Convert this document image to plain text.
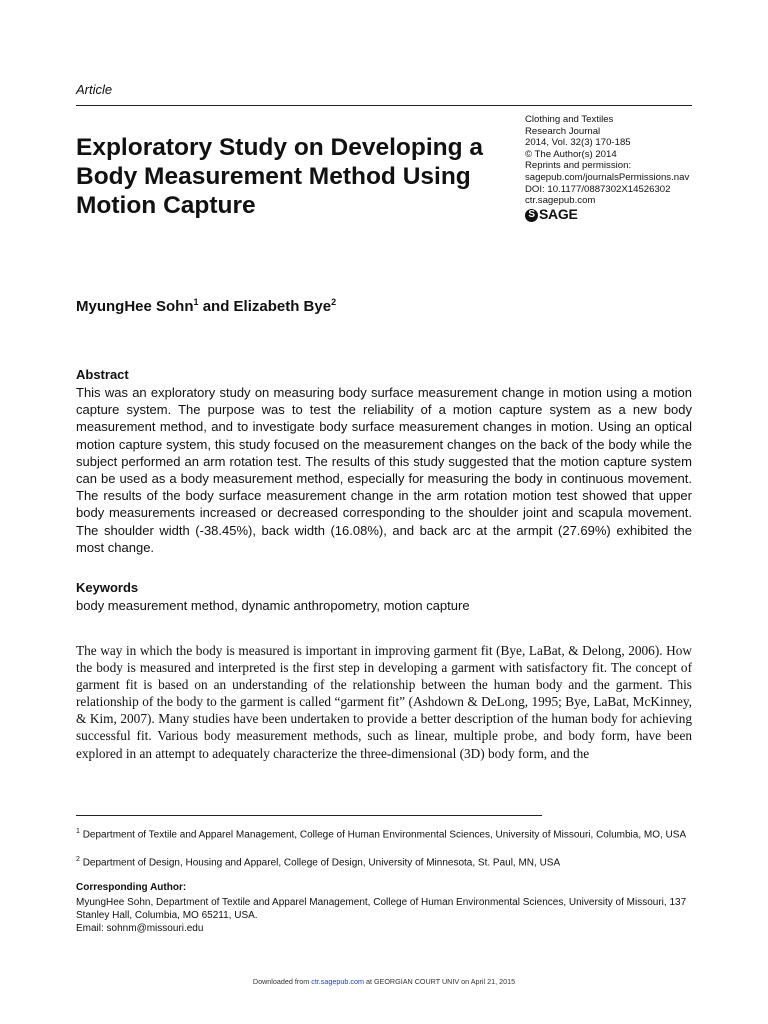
Article
Exploratory Study on Developing a Body Measurement Method Using Motion Capture
Clothing and Textiles
Research Journal
2014, Vol. 32(3) 170-185
© The Author(s) 2014
Reprints and permission:
sagepub.com/journalsPermissions.nav
DOI: 10.1177/0887302X14526302
ctr.sagepub.com
S SAGE
MyungHee Sohn$^1$ and Elizabeth Bye$^2$
Abstract

This was an exploratory study on measuring body surface measurement change in motion using a motion capture system. The purpose was to test the reliability of a motion capture system as a new body measurement method, and to investigate body surface measurement changes in motion. Using an optical motion capture system, this study focused on the measurement changes on the back of the body while the subject performed an arm rotation test. The results of this study suggested that the motion capture system can be used as a body measurement method, especially for measuring the body in continuous movement. The results of the body surface measurement change in the arm rotation motion test showed that upper body measurements increased or decreased corresponding to the shoulder joint and scapula movement. The shoulder width (-38.45%), back width (16.08%), and back arc at the armpit (27.69%) exhibited the most change.

Keywords
body measurement method, dynamic anthropometry, motion capture

The way in which the body is measured is important in improving garment fit (Bye, LaBat, & Delong, 2006). How the body is measured and interpreted is the first step in developing a garment with satisfactory fit. The concept of garment fit is based on an understanding of the relationship between the human body and the garment. This relationship of the body to the garment is called “garment fit” (Ashdown & DeLong, 1995; Bye, LaBat, McKinney, & Kim, 2007). Many studies have been undertaken to provide a better description of the human body for achieving successful fit. Various body measurement methods, such as linear, multiple probe, and body form, have been explored in an attempt to adequately characterize the three-dimensional (3D) body form, and the

$^1$ Department of Textile and Apparel Management, College of Human Environmental Sciences, University of Missouri, Columbia, MO, USA
$^2$ Department of Design, Housing and Apparel, College of Design, University of Minnesota, St. Paul, MN, USA
Corresponding Author:
MyungHee Sohn, Department of Textile and Apparel Management, College of Human Environmental Sciences, University of Missouri, 137 Stanley Hall, Columbia, MO 65211, USA.
Email: sohnm@missouri.edu
Downloaded from ctr.sagepub.com at GEORGIAN COURT UNIV on April 21, 2015
